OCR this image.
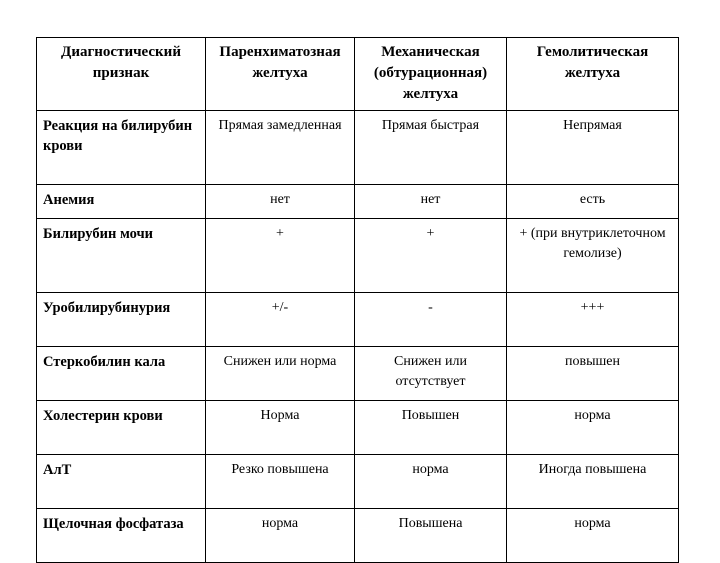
Диагностический признак	Паренхиматозная желтуха	Механическая (обтурационная) желтуха	Гемолитическая желтуха
Реакция на билирубин крови	Прямая замедленная	Прямая быстрая	Непрямая
Анемия	нет	нет	есть
Билирубин мочи	+	+	+ (при внутриклеточном гемолизе)
Уробилирубинурия	+/-	-	+++
Стеркобилин кала	Снижен или норма	Снижен или отсутствует	повышен
Холестерин крови	Норма	Повышен	норма
АлТ	Резко повышена	норма	Иногда повышена
Щелочная фосфатаза	норма	Повышена	норма
